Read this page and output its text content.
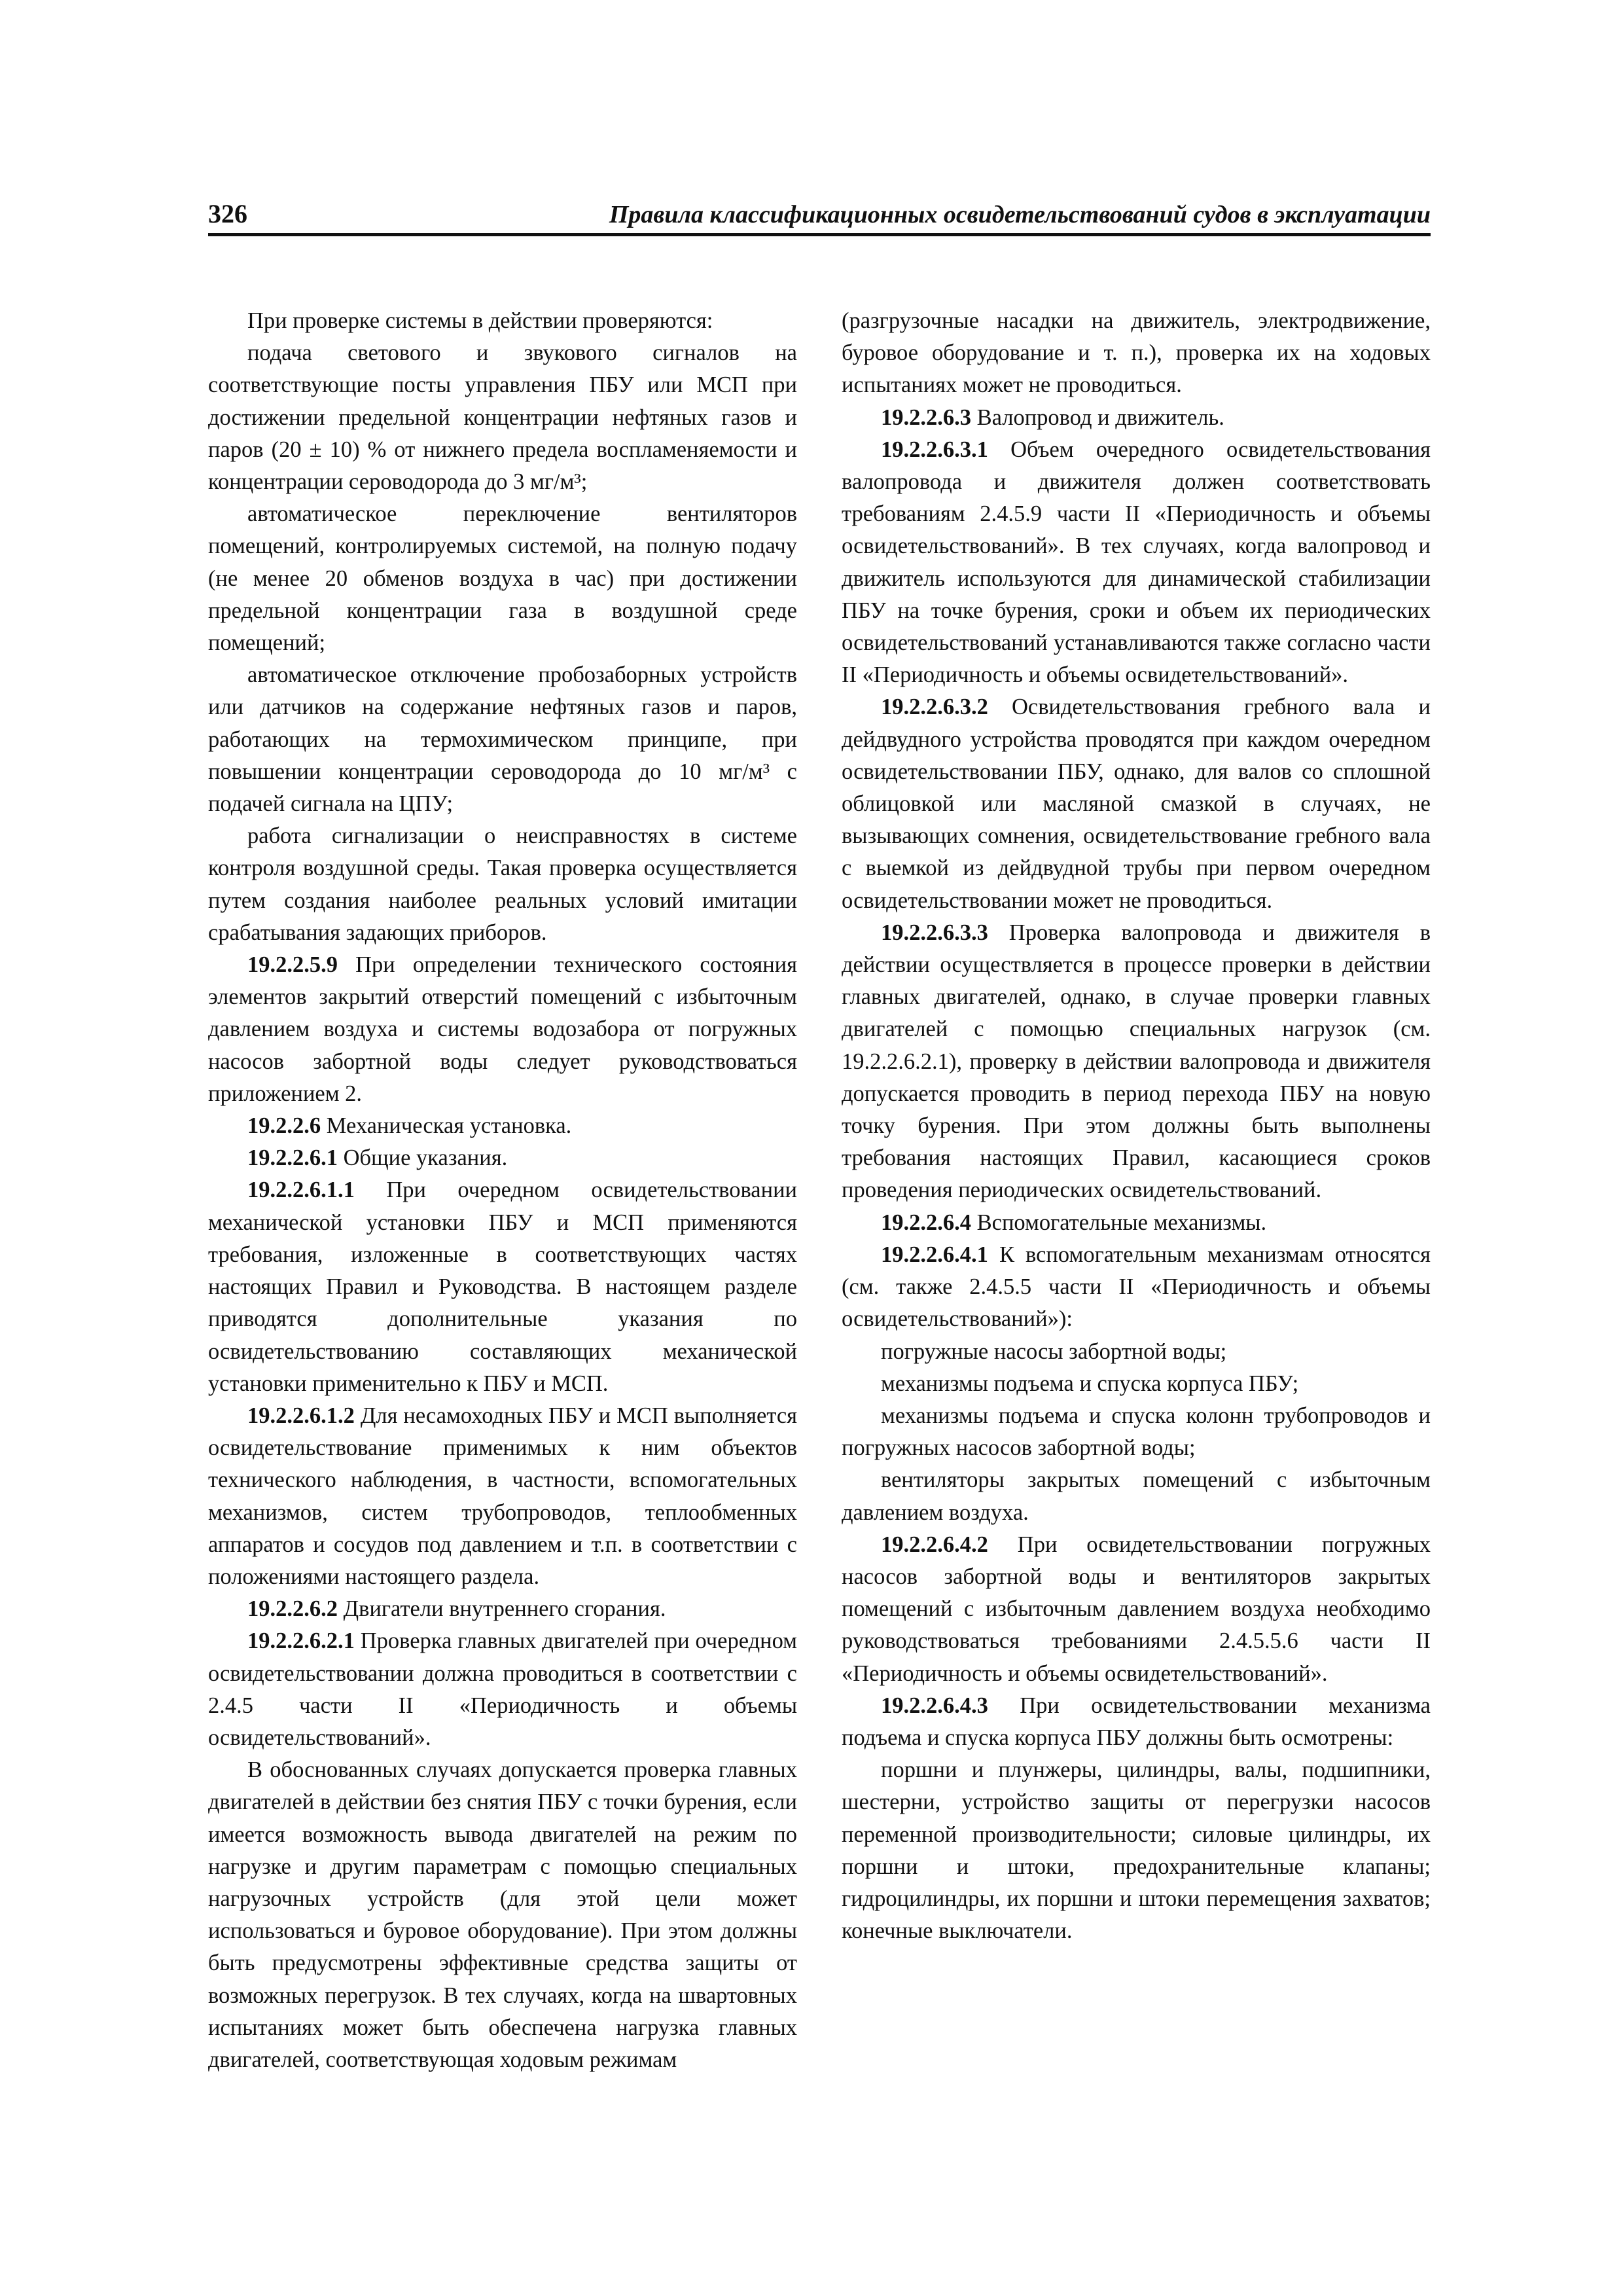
326	Правила классификационных освидетельствований судов в эксплуатации

При проверке системы в действии проверяются:

подача светового и звукового сигналов на соответствующие посты управления ПБУ или МСП при достижении предельной концентрации нефтяных газов и паров (20 ± 10) % от нижнего предела воспламеняемости и концентрации сероводорода до 3 мг/м³;

автоматическое переключение вентиляторов помещений, контролируемых системой, на полную подачу (не менее 20 обменов воздуха в час) при достижении предельной концентрации газа в воздушной среде помещений;

автоматическое отключение пробозаборных устройств или датчиков на содержание нефтяных газов и паров, работающих на термохимическом принципе, при повышении концентрации сероводорода до 10 мг/м³ с подачей сигнала на ЦПУ;

работа сигнализации о неисправностях в системе контроля воздушной среды. Такая проверка осуществляется путем создания наиболее реальных условий имитации срабатывания задающих приборов.

19.2.2.5.9 При определении технического состояния элементов закрытий отверстий помещений с избыточным давлением воздуха и системы водозабора от погружных насосов забортной воды следует руководствоваться приложением 2.

19.2.2.6 Механическая установка.

19.2.2.6.1 Общие указания.

19.2.2.6.1.1 При очередном освидетельствовании механической установки ПБУ и МСП применяются требования, изложенные в соответствующих частях настоящих Правил и Руководства. В настоящем разделе приводятся дополнительные указания по освидетельствованию составляющих механической установки применительно к ПБУ и МСП.

19.2.2.6.1.2 Для несамоходных ПБУ и МСП выполняется освидетельствование применимых к ним объектов технического наблюдения, в частности, вспомогательных механизмов, систем трубопроводов, теплообменных аппаратов и сосудов под давлением и т.п. в соответствии с положениями настоящего раздела.

19.2.2.6.2 Двигатели внутреннего сгорания.

19.2.2.6.2.1 Проверка главных двигателей при очередном освидетельствовании должна проводиться в соответствии с 2.4.5 части II «Периодичность и объемы освидетельствований».

В обоснованных случаях допускается проверка главных двигателей в действии без снятия ПБУ с точки бурения, если имеется возможность вывода двигателей на режим по нагрузке и другим параметрам с помощью специальных нагрузочных устройств (для этой цели может использоваться и буровое оборудование). При этом должны быть предусмотрены эффективные средства защиты от возможных перегрузок. В тех случаях, когда на швартовных испытаниях может быть обеспечена нагрузка главных двигателей, соответствующая ходовым режимам

(разгрузочные насадки на движитель, электродвижение, буровое оборудование и т. п.), проверка их на ходовых испытаниях может не проводиться.

19.2.2.6.3 Валопровод и движитель.

19.2.2.6.3.1 Объем очередного освидетельствования валопровода и движителя должен соответствовать требованиям 2.4.5.9 части II «Периодичность и объемы освидетельствований». В тех случаях, когда валопровод и движитель используются для динамической стабилизации ПБУ на точке бурения, сроки и объем их периодических освидетельствований устанавливаются также согласно части II «Периодичность и объемы освидетельствований».

19.2.2.6.3.2 Освидетельствования гребного вала и дейдвудного устройства проводятся при каждом очередном освидетельствовании ПБУ, однако, для валов со сплошной облицовкой или масляной смазкой в случаях, не вызывающих сомнения, освидетельствование гребного вала с выемкой из дейдвудной трубы при первом очередном освидетельствовании может не проводиться.

19.2.2.6.3.3 Проверка валопровода и движителя в действии осуществляется в процессе проверки в действии главных двигателей, однако, в случае проверки главных двигателей с помощью специальных нагрузок (см. 19.2.2.6.2.1), проверку в действии валопровода и движителя допускается проводить в период перехода ПБУ на новую точку бурения. При этом должны быть выполнены требования настоящих Правил, касающиеся сроков проведения периодических освидетельствований.

19.2.2.6.4 Вспомогательные механизмы.

19.2.2.6.4.1 К вспомогательным механизмам относятся (см. также 2.4.5.5 части II «Периодичность и объемы освидетельствований»):

погружные насосы забортной воды;

механизмы подъема и спуска корпуса ПБУ;

механизмы подъема и спуска колонн трубопроводов и погружных насосов забортной воды;

вентиляторы закрытых помещений с избыточным давлением воздуха.

19.2.2.6.4.2 При освидетельствовании погружных насосов забортной воды и вентиляторов закрытых помещений с избыточным давлением воздуха необходимо руководствоваться требованиями 2.4.5.5.6 части II «Периодичность и объемы освидетельствований».

19.2.2.6.4.3 При освидетельствовании механизма подъема и спуска корпуса ПБУ должны быть осмотрены:

поршни и плунжеры, цилиндры, валы, подшипники, шестерни, устройство защиты от перегрузки насосов переменной производительности; силовые цилиндры, их поршни и штоки, предохранительные клапаны; гидроцилиндры, их поршни и штоки перемещения захватов; конечные выключатели.
